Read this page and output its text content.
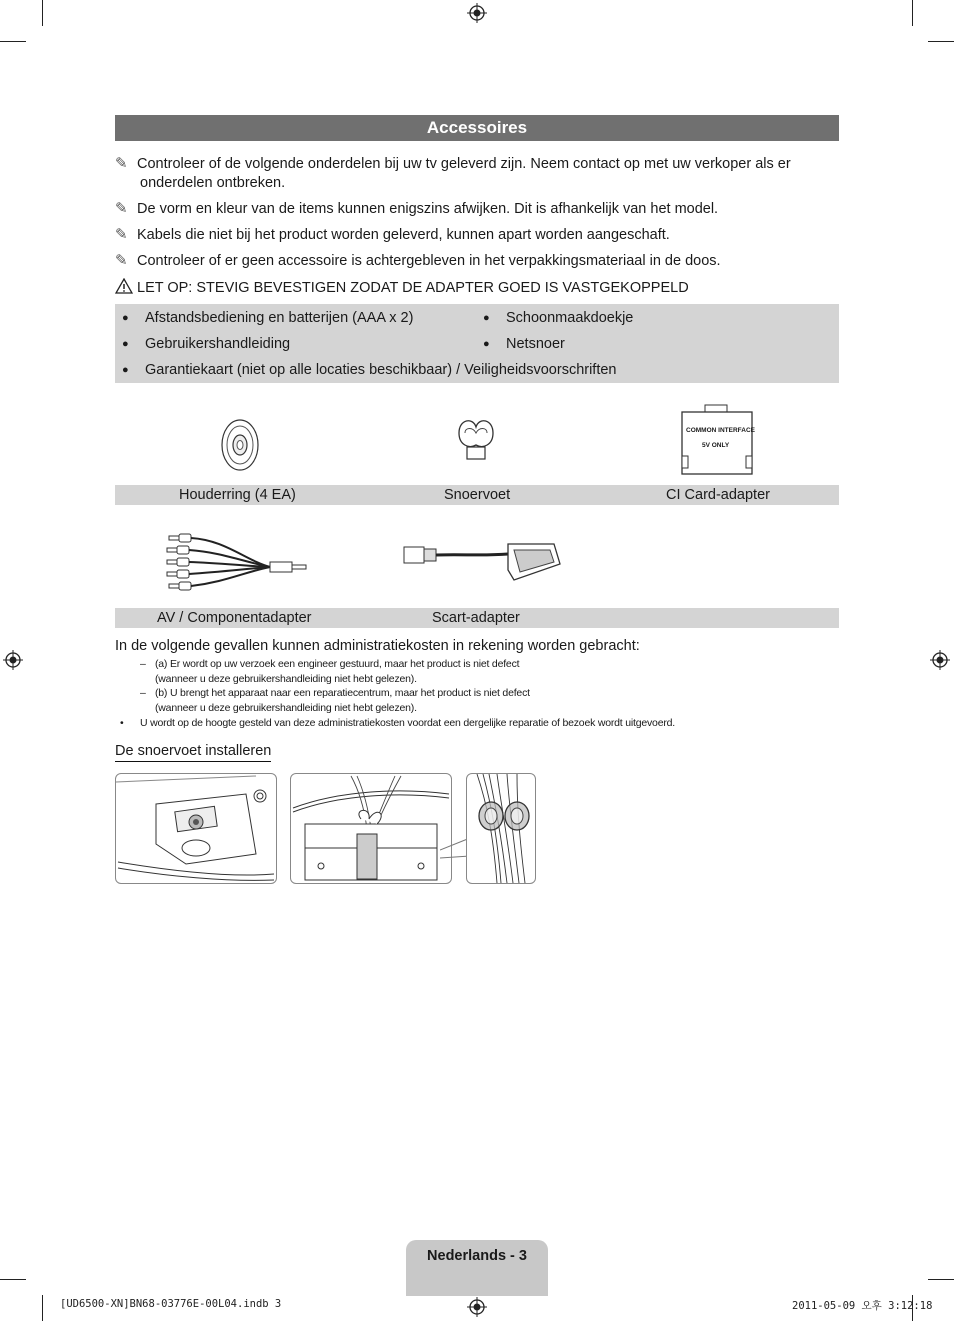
Accessoires
✎ Controleer of de volgende onderdelen bij uw tv geleverd zijn. Neem contact op met uw verkoper als er
onderdelen ontbreken.
✎ De vorm en kleur van de items kunnen enigszins afwijken. Dit is afhankelijk van het model.
✎ Kabels die niet bij het product worden geleverd, kunnen apart worden aangeschaft.
✎ Controleer of er geen accessoire is achtergebleven in het verpakkingsmateriaal in de doos.
LET OP: STEVIG BEVESTIGEN ZODAT DE ADAPTER GOED IS VASTGEKOPPELD
● Afstandsbediening en batterijen (AAA x 2)	● Schoonmaakdoekje
● Gebruikershandleiding	● Netsnoer
● Garantiekaart (niet op alle locaties beschikbaar) / Veiligheidsvoorschriften
COMMON INTERFACE
5V ONLY
Houderring (4 EA)	Snoervoet	CI Card-adapter
AV / Componentadapter	Scart-adapter
In de volgende gevallen kunnen administratiekosten in rekening worden gebracht:
– (a) Er wordt op uw verzoek een engineer gestuurd, maar het product is niet defect
(wanneer u deze gebruikershandleiding niet hebt gelezen).
– (b) U brengt het apparaat naar een reparatiecentrum, maar het product is niet defect
(wanneer u deze gebruikershandleiding niet hebt gelezen).
• U wordt op de hoogte gesteld van deze administratiekosten voordat een dergelijke reparatie of bezoek wordt uitgevoerd.
De snoervoet installeren
Nederlands - 3
[UD6500-XN]BN68-03776E-00L04.indb 3	2011-05-09 오후 3:12:18
